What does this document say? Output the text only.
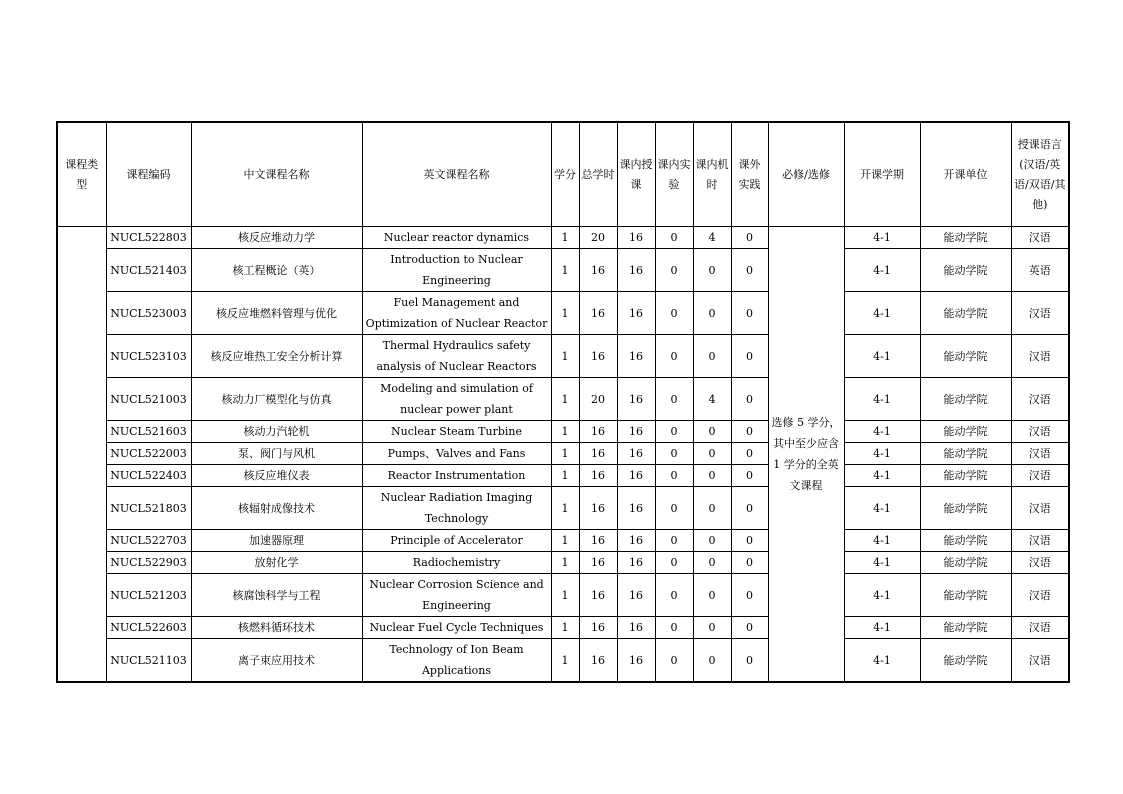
课程类型	课程编码	中文课程名称	英文课程名称	学分	总学时	课内授课	课内实验	课内机时	课外实践	必修/选修	开课学期	开课单位	授课语言(汉语/英语/双语/其他)
	NUCL522803	核反应堆动力学	Nuclear reactor dynamics	1	20	16	0	4	0	选修 5 学分，其中至少应含 1 学分的全英文课程	4-1	能动学院	汉语
	NUCL521403	核工程概论（英）	Introduction to Nuclear Engineering	1	16	16	0	0	0		4-1	能动学院	英语
	NUCL523003	核反应堆燃料管理与优化	Fuel Management and Optimization of Nuclear Reactor	1	16	16	0	0	0		4-1	能动学院	汉语
	NUCL523103	核反应堆热工安全分析计算	Thermal Hydraulics safety analysis of Nuclear Reactors	1	16	16	0	0	0		4-1	能动学院	汉语
	NUCL521003	核动力厂模型化与仿真	Modeling and simulation of nuclear power plant	1	20	16	0	4	0		4-1	能动学院	汉语
	NUCL521603	核动力汽轮机	Nuclear Steam Turbine	1	16	16	0	0	0		4-1	能动学院	汉语
	NUCL522003	泵、阀门与风机	Pumps、Valves and Fans	1	16	16	0	0	0		4-1	能动学院	汉语
	NUCL522403	核反应堆仪表	Reactor Instrumentation	1	16	16	0	0	0		4-1	能动学院	汉语
	NUCL521803	核辐射成像技术	Nuclear Radiation Imaging Technology	1	16	16	0	0	0		4-1	能动学院	汉语
	NUCL522703	加速器原理	Principle of Accelerator	1	16	16	0	0	0		4-1	能动学院	汉语
	NUCL522903	放射化学	Radiochemistry	1	16	16	0	0	0		4-1	能动学院	汉语
	NUCL521203	核腐蚀科学与工程	Nuclear Corrosion Science and Engineering	1	16	16	0	0	0		4-1	能动学院	汉语
	NUCL522603	核燃料循环技术	Nuclear Fuel Cycle Techniques	1	16	16	0	0	0		4-1	能动学院	汉语
	NUCL521103	离子束应用技术	Technology of Ion Beam Applications	1	16	16	0	0	0		4-1	能动学院	汉语
